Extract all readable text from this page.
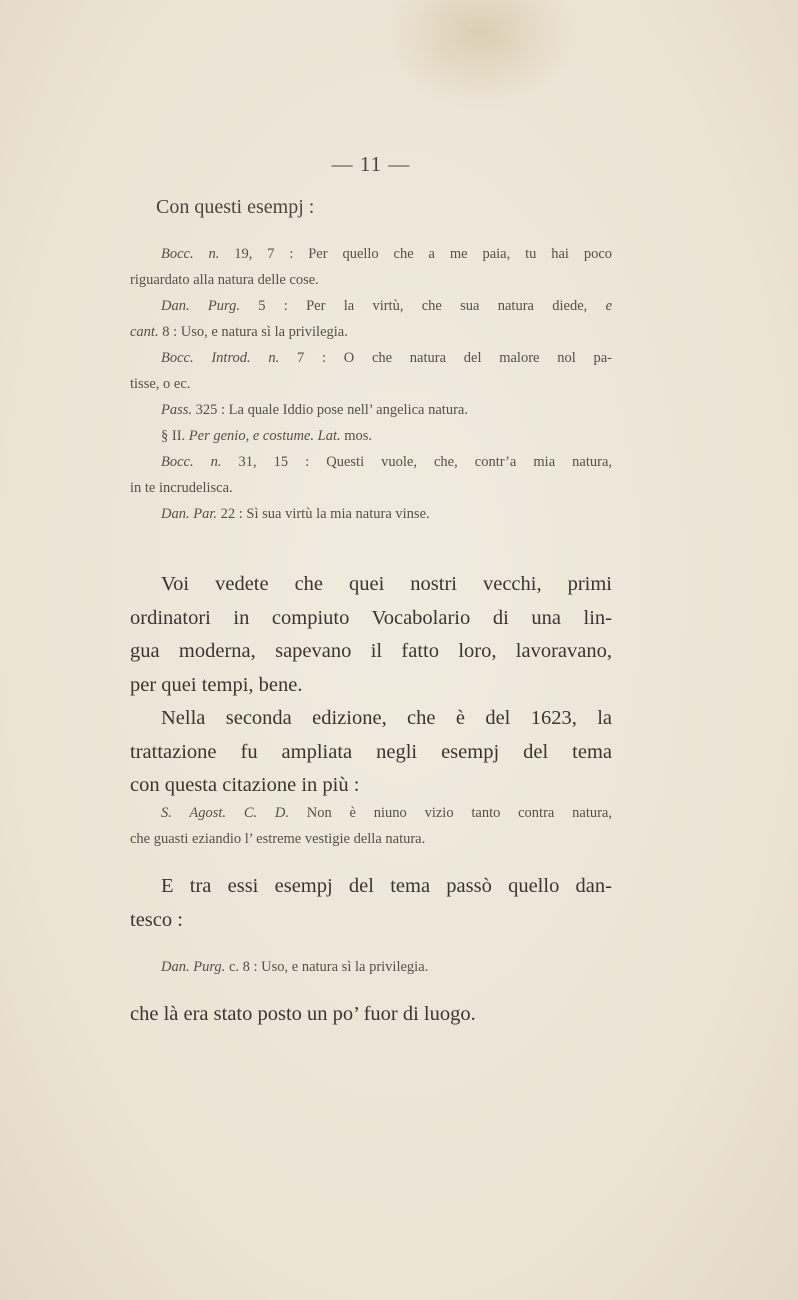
— 11 —
Con questi esempj :

Bocc. n. 19, 7 : Per quello che a me paia, tu hai poco

riguardato alla natura delle cose.

Dan. Purg. 5 : Per la virtù, che sua natura diede, e

cant. 8 : Uso, e natura sì la privilegia.

Bocc. Introd. n. 7 : O che natura del malore nol pa-

tisse, o ec.

Pass. 325 : La quale Iddio pose nell’ angelica natura.

§ II. Per genio, e costume. Lat. mos.

Bocc. n. 31, 15 : Questi vuole, che, contr’a mia natura,

in te incrudelisca.

Dan. Par. 22 : Sì sua virtù la mia natura vinse.

Voi vedete che quei nostri vecchi, primi

ordinatori in compiuto Vocabolario di una lin-

gua moderna, sapevano il fatto loro, lavoravano,

per quei tempi, bene.

Nella seconda edizione, che è del 1623, la

trattazione fu ampliata negli esempj del tema

con questa citazione in più :

S. Agost. C. D. Non è niuno vizio tanto contra natura,

che guasti eziandio l’ estreme vestigie della natura.

E tra essi esempj del tema passò quello dan-

tesco :

Dan. Purg. c. 8 : Uso, e natura sì la privilegia.

che là era stato posto un po’ fuor di luogo.
